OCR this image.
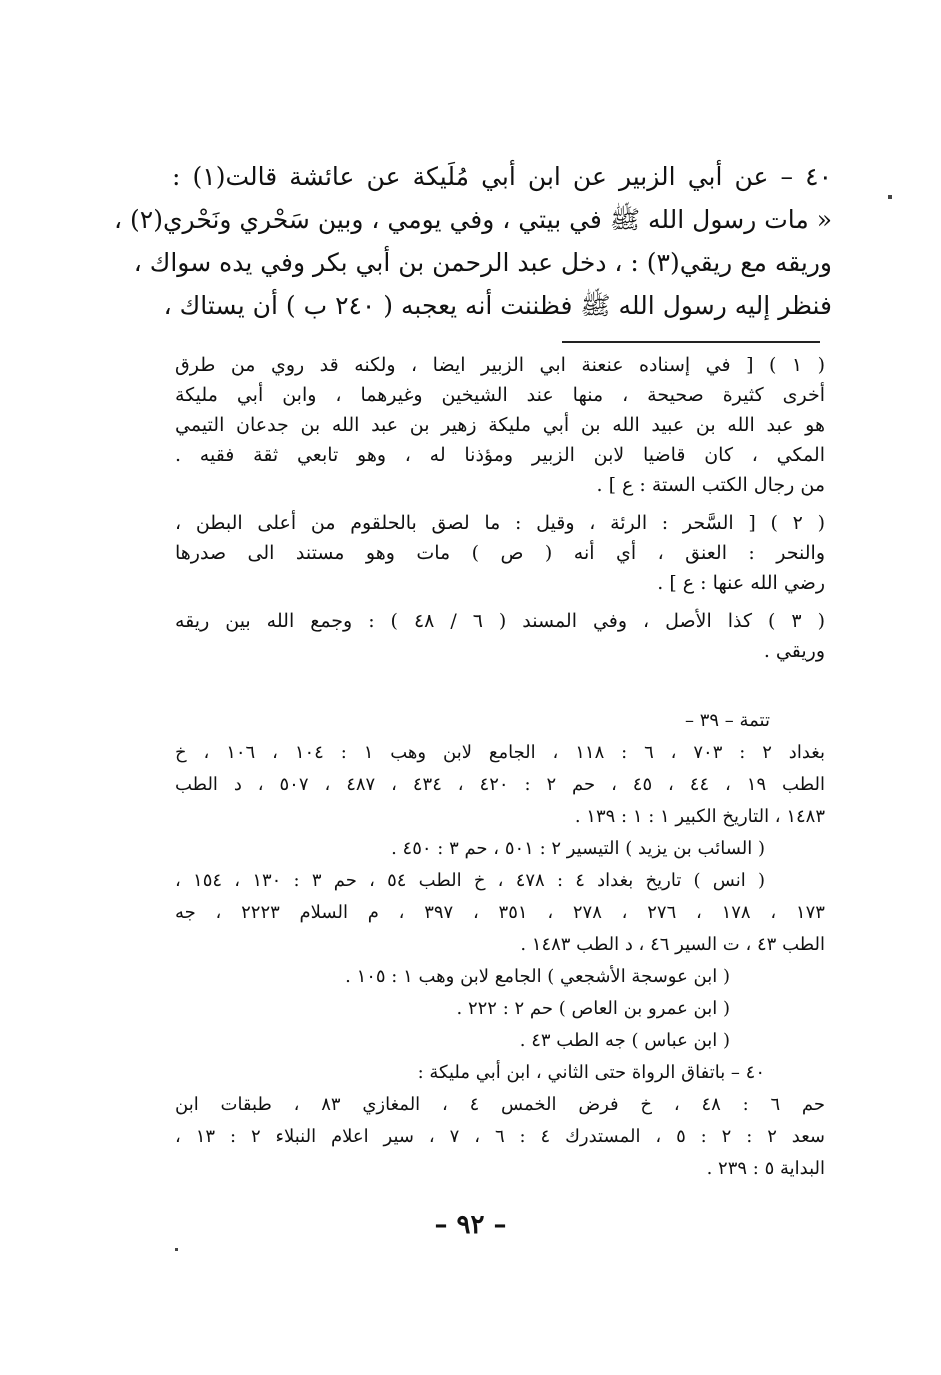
٤٠ – عن أبي الزبير عن ابن أبي مُلَيكة عن عائشة قالت(١) :
« مات رسول الله ﷺ في بيتي ، وفي يومي ، وبين سَحْري ونَحْري(٢) ،
وريقه مع ريقي(٣) : ، دخل عبد الرحمن بن أبي بكر وفي يده سواك ،
فنظر إليه رسول الله ﷺ فظننت أنه يعجبه ( ٢٤٠ ب ) أن يستاك ،
( ١ ) [ في إسناده عنعنة ابي الزبير ايضا ، ولكنه قد روي من طرق
أخرى كثيرة صحيحة ، منها عند الشيخين وغيرهما ، وابن أبي مليكة
هو عبد الله بن عبيد الله بن أبي مليكة زهير بن عبد الله بن جدعان التيمي
المكي ، كان قاضيا لابن الزبير ومؤذنا له ، وهو تابعي ثقة فقيه .
من رجال الكتب الستة : ع ] .
( ٢ ) [ السَّحر : الرئة ، وقيل : ما لصق بالحلقوم من أعلى البطن ،
والنحر : العنق ، أي أنه ( ص ) مات وهو مستند الى صدرها
رضي الله عنها : ع ] .
( ٣ ) كذا الأصل ، وفي المسند ( ٦ / ٤٨ ) : وجمع الله بين ريقه
وريقي .
تتمة – ٣٩ –
بغداد ٢ : ٧٠٣ ، ٦ : ١١٨ ، الجامع لابن وهب ١ : ١٠٤ ، ١٠٦ ، خ
الطب ١٩ ، ٤٤ ، ٤٥ ، حم ٢ : ٤٢٠ ، ٤٣٤ ، ٤٨٧ ، ٥٠٧ ، د الطب
١٤٨٣ ، التاريخ الكبير ١ : ١ : ١٣٩ .
( السائب بن يزيد ) التيسير ٢ : ٥٠١ ، حم ٣ : ٤٥٠ .
( انس ) تاريخ بغداد ٤ : ٤٧٨ ، خ الطب ٥٤ ، حم ٣ : ١٣٠ ، ١٥٤ ،
١٧٣ ، ١٧٨ ، ٢٧٦ ، ٢٧٨ ، ٣٥١ ، ٣٩٧ ، م السلام ٢٢٢٣ ، جه
الطب ٤٣ ، ت السير ٤٦ ، د الطب ١٤٨٣ .
( ابن عوسجة الأشجعي ) الجامع لابن وهب ١ : ١٠٥ .
( ابن عمرو بن العاص ) حم ٢ : ٢٢٢ .
( ابن عباس ) جه الطب ٤٣ .
٤٠ – باتفاق الرواة حتى الثاني ، ابن أبي مليكة :
حم ٦ : ٤٨ ، خ فرض الخمس ٤ ، المغازي ٨٣ ، طبقات ابن
سعد ٢ : ٢ : ٥ ، المستدرك ٤ : ٦ ، ٧ ، سير اعلام النبلاء ٢ : ١٣ ،
البداية ٥ : ٢٣٩ .
– ٩٢ –
